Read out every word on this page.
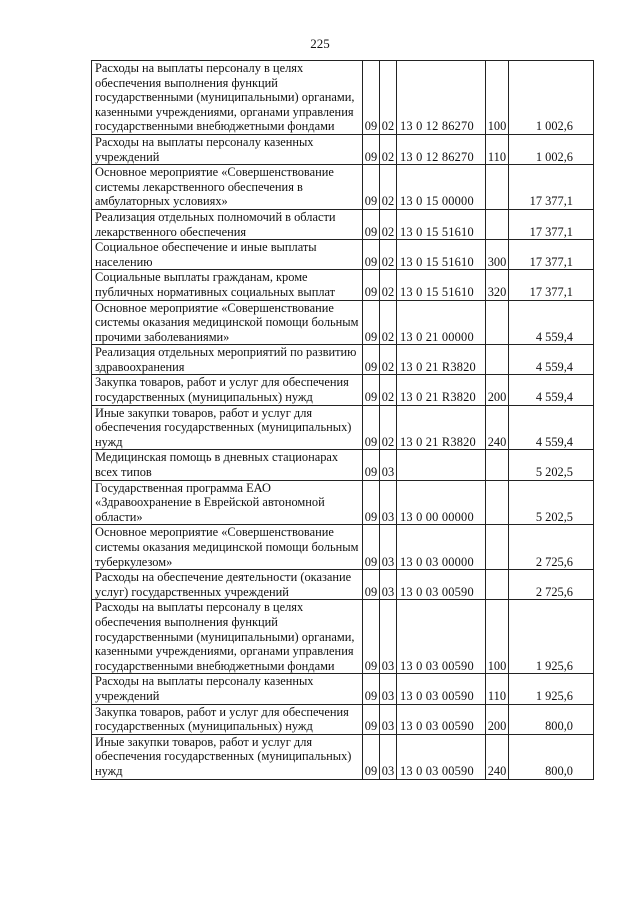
225
Расходы на выплаты персоналу в целях обеспечения выполнения функций государственными (муниципальными) органами, казенными учреждениями, органами управления государственными внебюджетными фондами	09	02	13 0 12 86270	100	1 002,6
Расходы на выплаты персоналу казенных учреждений	09	02	13 0 12 86270	110	1 002,6
Основное мероприятие «Совершенствование системы лекарственного обеспечения в амбулаторных условиях»	09	02	13 0 15 00000		17 377,1
Реализация отдельных полномочий в области лекарственного обеспечения	09	02	13 0 15 51610		17 377,1
Социальное обеспечение и иные выплаты населению	09	02	13 0 15 51610	300	17 377,1
Социальные выплаты гражданам, кроме публичных нормативных социальных выплат	09	02	13 0 15 51610	320	17 377,1
Основное мероприятие «Совершенствование системы оказания медицинской помощи больным прочими заболеваниями»	09	02	13 0 21 00000		4 559,4
Реализация отдельных мероприятий по развитию здравоохранения	09	02	13 0 21 R3820		4 559,4
Закупка товаров, работ и услуг для обеспечения государственных (муниципальных) нужд	09	02	13 0 21 R3820	200	4 559,4
Иные закупки товаров, работ и услуг для обеспечения государственных (муниципальных) нужд	09	02	13 0 21 R3820	240	4 559,4
Медицинская помощь в дневных стационарах всех типов	09	03			5 202,5
Государственная программа ЕАО «Здравоохранение в Еврейской автономной области»	09	03	13 0 00 00000		5 202,5
Основное мероприятие «Совершенствование системы оказания медицинской помощи больным туберкулезом»	09	03	13 0 03 00000		2 725,6
Расходы на обеспечение деятельности (оказание услуг) государственных учреждений	09	03	13 0 03 00590		2 725,6
Расходы на выплаты персоналу в целях обеспечения выполнения функций государственными (муниципальными) органами, казенными учреждениями, органами управления государственными внебюджетными фондами	09	03	13 0 03 00590	100	1 925,6
Расходы на выплаты персоналу казенных учреждений	09	03	13 0 03 00590	110	1 925,6
Закупка товаров, работ и услуг для обеспечения государственных (муниципальных) нужд	09	03	13 0 03 00590	200	800,0
Иные закупки товаров, работ и услуг для обеспечения государственных (муниципальных) нужд	09	03	13 0 03 00590	240	800,0
